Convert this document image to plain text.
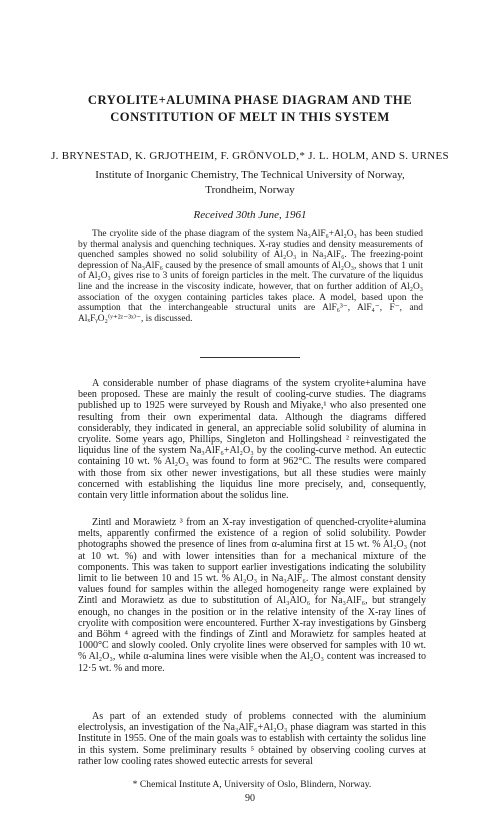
CRYOLITE+ALUMINA PHASE DIAGRAM AND THE
CONSTITUTION OF MELT IN THIS SYSTEM
J. BRYNESTAD, K. GRJOTHEIM, F. GRÖNVOLD,* J. L. HOLM, AND S. URNES
Institute of Inorganic Chemistry, The Technical University of Norway,
Trondheim, Norway
Received 30th June, 1961

The cryolite side of the phase diagram of the system Na₃AlF₆+Al₂O₃ has been studied by thermal analysis and quenching techniques. X-ray studies and density measurements of quenched samples showed no solid solubility of Al₂O₃ in Na₃AlF₆. The freezing-point depression of Na₃AlF₆ caused by the presence of small amounts of Al₂O₃, shows that 1 unit of Al₂O₃ gives rise to 3 units of foreign particles in the melt. The curvature of the liquidus line and the increase in the viscosity indicate, however, that on further addition of Al₂O₃ association of the oxygen containing particles takes place. A model, based upon the assumption that the interchangeable structural units are AlF₆³⁻, AlF₄⁻, F⁻, and AlₓFᵧO₂⁽ʸ⁺²ᶻ⁻³ˣ⁾⁻, is discussed.

A considerable number of phase diagrams of the system cryolite+alumina have been proposed. These are mainly the result of cooling-curve studies. The diagrams published up to 1925 were surveyed by Roush and Miyake,¹ who also presented one resulting from their own experimental data. Although the diagrams differed considerably, they indicated in general, an appreciable solid solubility of alumina in cryolite. Some years ago, Phillips, Singleton and Hollingshead ² reinvestigated the liquidus line of the system Na₃AlF₆+Al₂O₃ by the cooling-curve method. An eutectic containing 10 wt. % Al₂O₃ was found to form at 962°C. The results were compared with those from six other newer investigations, but all these studies were mainly concerned with establishing the liquidus line more precisely, and, consequently, contain very little information about the solidus line.

Zintl and Morawietz ³ from an X-ray investigation of quenched-cryolite+alumina melts, apparently confirmed the existence of a region of solid solubility. Powder photographs showed the presence of lines from α-alumina first at 15 wt. % Al₂O₃ (not at 10 wt. %) and with lower intensities than for a mechanical mixture of the components. This was taken to support earlier investigations indicating the solubility limit to lie between 10 and 15 wt. % Al₂O₃ in Na₃AlF₆. The almost constant density values found for samples within the alleged homogeneity range were explained by Zintl and Morawietz as due to substitution of Al₃AlO₆ for Na₃AlF₆, but strangely enough, no changes in the position or in the relative intensity of the X-ray lines of cryolite with composition were encountered. Further X-ray investigations by Ginsberg and Böhm ⁴ agreed with the findings of Zintl and Morawietz for samples heated at 1000°C and slowly cooled. Only cryolite lines were observed for samples with 10 wt. % Al₂O₃, while α-alumina lines were visible when the Al₂O₃ content was increased to 12·5 wt. % and more.

As part of an extended study of problems connected with the aluminium electrolysis, an investigation of the Na₃AlF₆+Al₂O₃ phase diagram was started in this Institute in 1955. One of the main goals was to establish with certainty the solidus line in this system. Some preliminary results ⁵ obtained by observing cooling curves at rather low cooling rates showed eutectic arrests for several

* Chemical Institute A, University of Oslo, Blindern, Norway.
90
